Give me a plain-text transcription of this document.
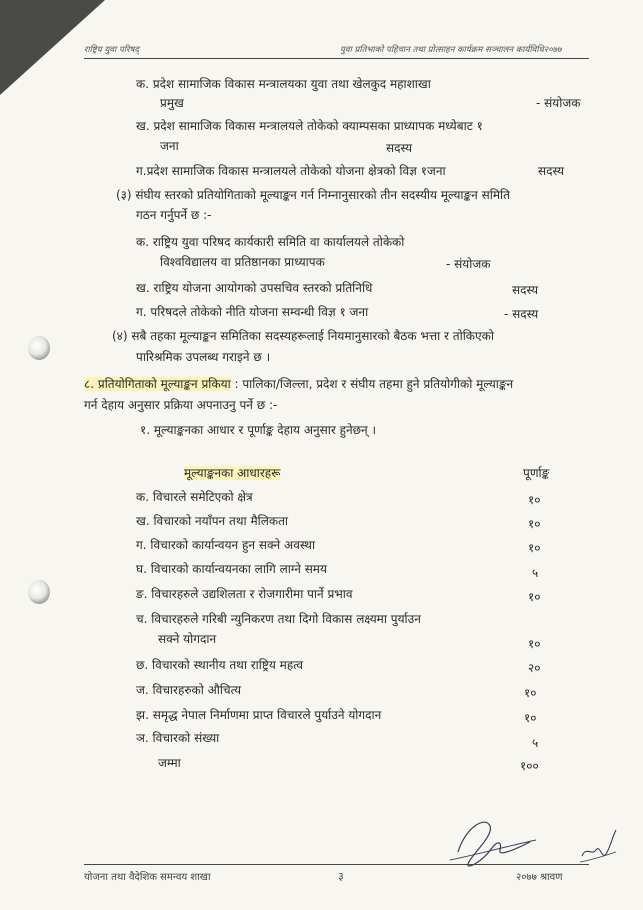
राष्ट्रिय युवा परिषद्	युवा प्रतिभाको पहिचान तथा प्रोत्साहन कार्यक्रम सञ्चालन कार्यविधि२०७७
क. प्रदेश सामाजिक विकास मन्त्रालयका युवा तथा खेलकुद महाशाखा
प्रमुख	- संयोजक
ख. प्रदेश सामाजिक विकास मन्त्रालयले तोकेको क्याम्पसका प्राध्यापक मध्येबाट १
जना	सदस्य
ग.प्रदेश सामाजिक विकास मन्त्रालयले तोकेको योजना क्षेत्रको विज्ञ १जना	सदस्य
(३) संघीय स्तरको प्रतियोगिताको मूल्याङ्कन गर्न निम्नानुसारको तीन सदस्यीय मूल्याङ्कन समिति
गठन गर्नुपर्ने छ :-
क. राष्ट्रिय युवा परिषद कार्यकारी समिति वा कार्यालयले तोकेको
विश्वविद्यालय वा प्रतिष्ठानका प्राध्यापक	- संयोजक
ख. राष्ट्रिय योजना आयोगको उपसचिव स्तरको प्रतिनिधि	सदस्य
ग. परिषदले तोकेको नीति योजना सम्वन्धी विज्ञ १ जना	- सदस्य
(४) सबै तहका मूल्याङ्कन समितिका सदस्यहरूलाई नियमानुसारको बैठक भत्ता र तोकिएको
पारिश्रमिक उपलब्ध गराइने छ ।
८. प्रतियोगिताको मूल्याङ्कन प्रकिया : पालिका/जिल्ला, प्रदेश र संघीय तहमा हुने प्रतियोगीको मूल्याङ्कन
गर्न देहाय अनुसार प्रक्रिया अपनाउनु पर्ने छ :-
१. मूल्याङ्कनका आधार र पूर्णाङ्क देहाय अनुसार हुनेछन् ।
मूल्याङ्कनका आधारहरू	पूर्णाङ्क
क. विचारले समेटिएको क्षेत्र	१०
ख. विचारको नयाँपन तथा मैलिकता	१०
ग. विचारको कार्यान्वयन हुन सक्ने अवस्था	१०
घ. विचारको कार्यान्वयनका लागि लाग्ने समय	५
ङ. विचारहरुले उद्यशिलता र रोजगारीमा पार्ने प्रभाव	१०
च. विचारहरुले गरिबी न्युनिकरण तथा दिगो विकास लक्ष्यमा पुर्याउन
सक्ने योगदान	१०
छ. विचारको स्थानीय तथा राष्ट्रिय महत्व	२०
ज. विचारहरुको औचित्य	१०
झ. समृद्ध नेपाल निर्माणमा प्राप्त विचारले पुर्याउने योगदान	१०
ञ. विचारको संख्या	५
जम्मा	१००
योजना तथा वैदेशिक समन्वय शाखा	३	२०७७ श्रावण
